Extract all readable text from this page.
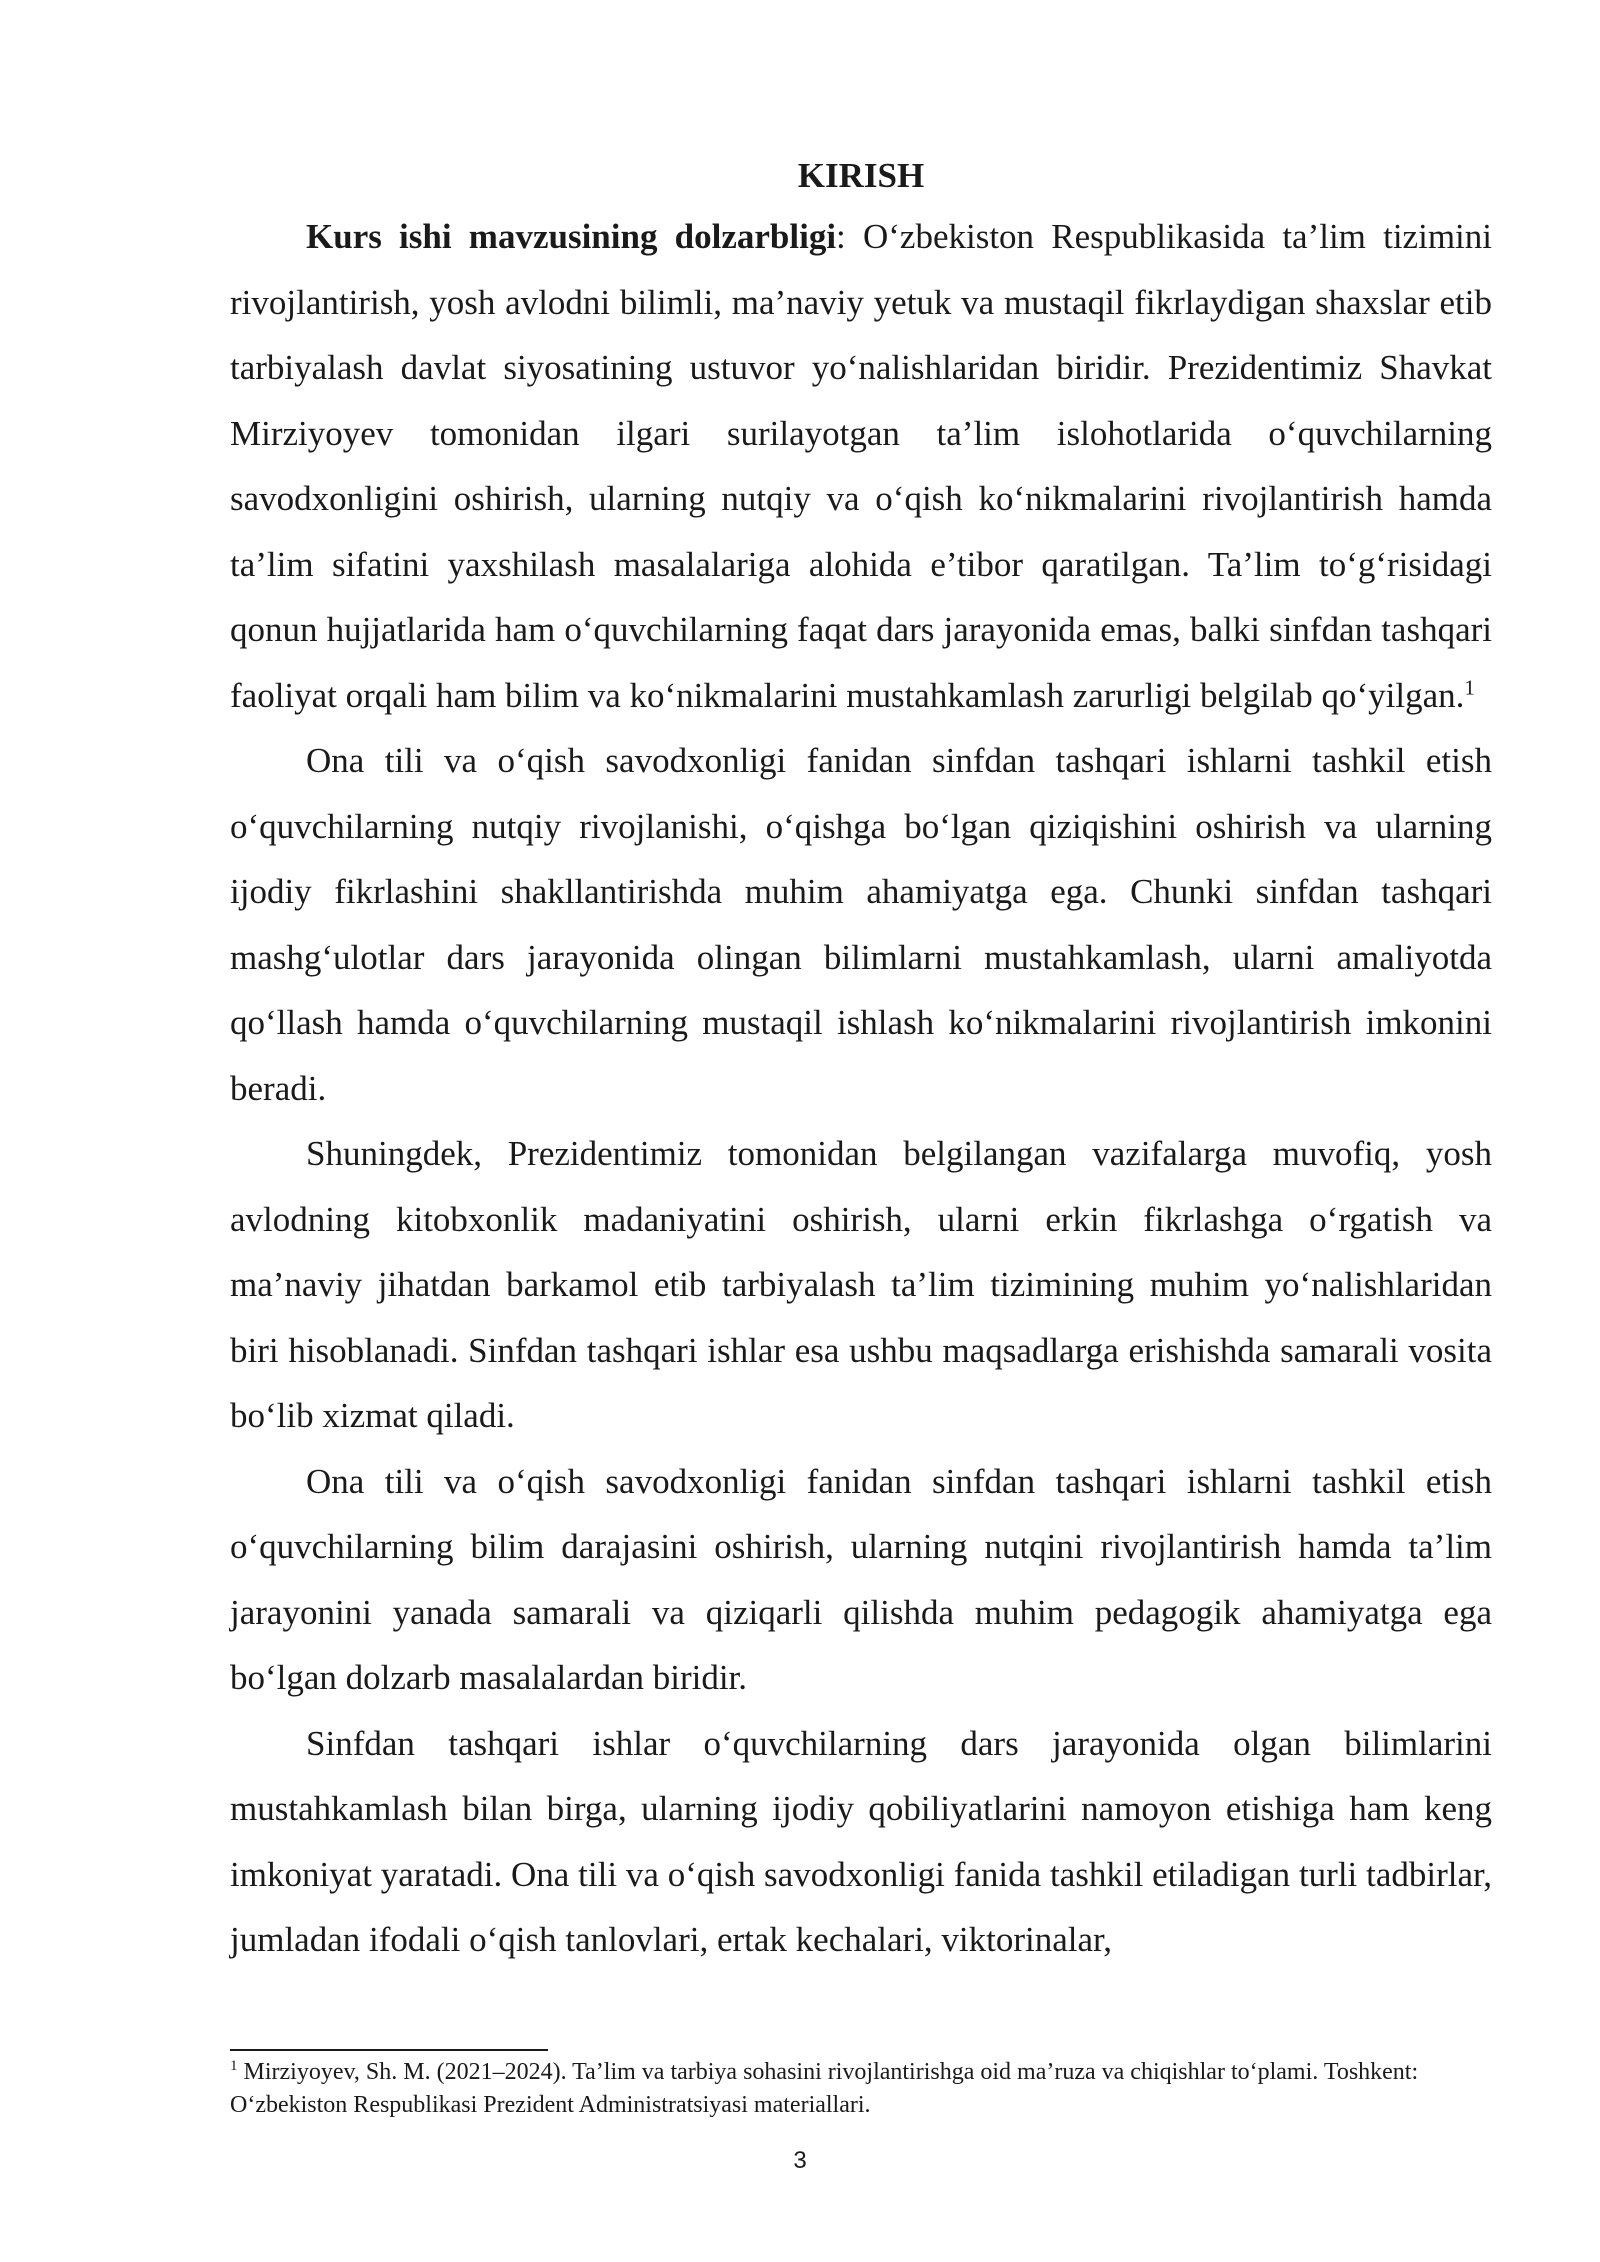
KIRISH

Kurs ishi mavzusining dolzarbligi: O‘zbekiston Respublikasida ta’lim tizimini rivojlantirish, yosh avlodni bilimli, ma’naviy yetuk va mustaqil fikrlaydigan shaxslar etib tarbiyalash davlat siyosatining ustuvor yo‘nalishlaridan biridir. Prezidentimiz Shavkat Mirziyoyev tomonidan ilgari surilayotgan ta’lim islohotlarida o‘quvchilarning savodxonligini oshirish, ularning nutqiy va o‘qish ko‘nikmalarini rivojlantirish hamda ta’lim sifatini yaxshilash masalalariga alohida e’tibor qaratilgan. Ta’lim to‘g‘risidagi qonun hujjatlarida ham o‘quvchilarning faqat dars jarayonida emas, balki sinfdan tashqari faoliyat orqali ham bilim va ko‘nikmalarini mustahkamlash zarurligi belgilab qo‘yilgan.$^1$

Ona tili va o‘qish savodxonligi fanidan sinfdan tashqari ishlarni tashkil etish o‘quvchilarning nutqiy rivojlanishi, o‘qishga bo‘lgan qiziqishini oshirish va ularning ijodiy fikrlashini shakllantirishda muhim ahamiyatga ega. Chunki sinfdan tashqari mashg‘ulotlar dars jarayonida olingan bilimlarni mustahkamlash, ularni amaliyotda qo‘llash hamda o‘quvchilarning mustaqil ishlash ko‘nikmalarini rivojlantirish imkonini beradi.

Shuningdek, Prezidentimiz tomonidan belgilangan vazifalarga muvofiq, yosh avlodning kitobxonlik madaniyatini oshirish, ularni erkin fikrlashga o‘rgatish va ma’naviy jihatdan barkamol etib tarbiyalash ta’lim tizimining muhim yo‘nalishlaridan biri hisoblanadi. Sinfdan tashqari ishlar esa ushbu maqsadlarga erishishda samarali vosita bo‘lib xizmat qiladi.

Ona tili va o‘qish savodxonligi fanidan sinfdan tashqari ishlarni tashkil etish o‘quvchilarning bilim darajasini oshirish, ularning nutqini rivojlantirish hamda ta’lim jarayonini yanada samarali va qiziqarli qilishda muhim pedagogik ahamiyatga ega bo‘lgan dolzarb masalalardan biridir.

Sinfdan tashqari ishlar o‘quvchilarning dars jarayonida olgan bilimlarini mustahkamlash bilan birga, ularning ijodiy qobiliyatlarini namoyon etishiga ham keng imkoniyat yaratadi. Ona tili va o‘qish savodxonligi fanida tashkil etiladigan turli tadbirlar, jumladan ifodali o‘qish tanlovlari, ertak kechalari, viktorinalar,

$^1$ Mirziyoyev, Sh. M. (2021–2024). Ta’lim va tarbiya sohasini rivojlantirishga oid ma’ruza va chiqishlar to‘plami. Toshkent: O‘zbekiston Respublikasi Prezident Administratsiyasi materiallari.

3
